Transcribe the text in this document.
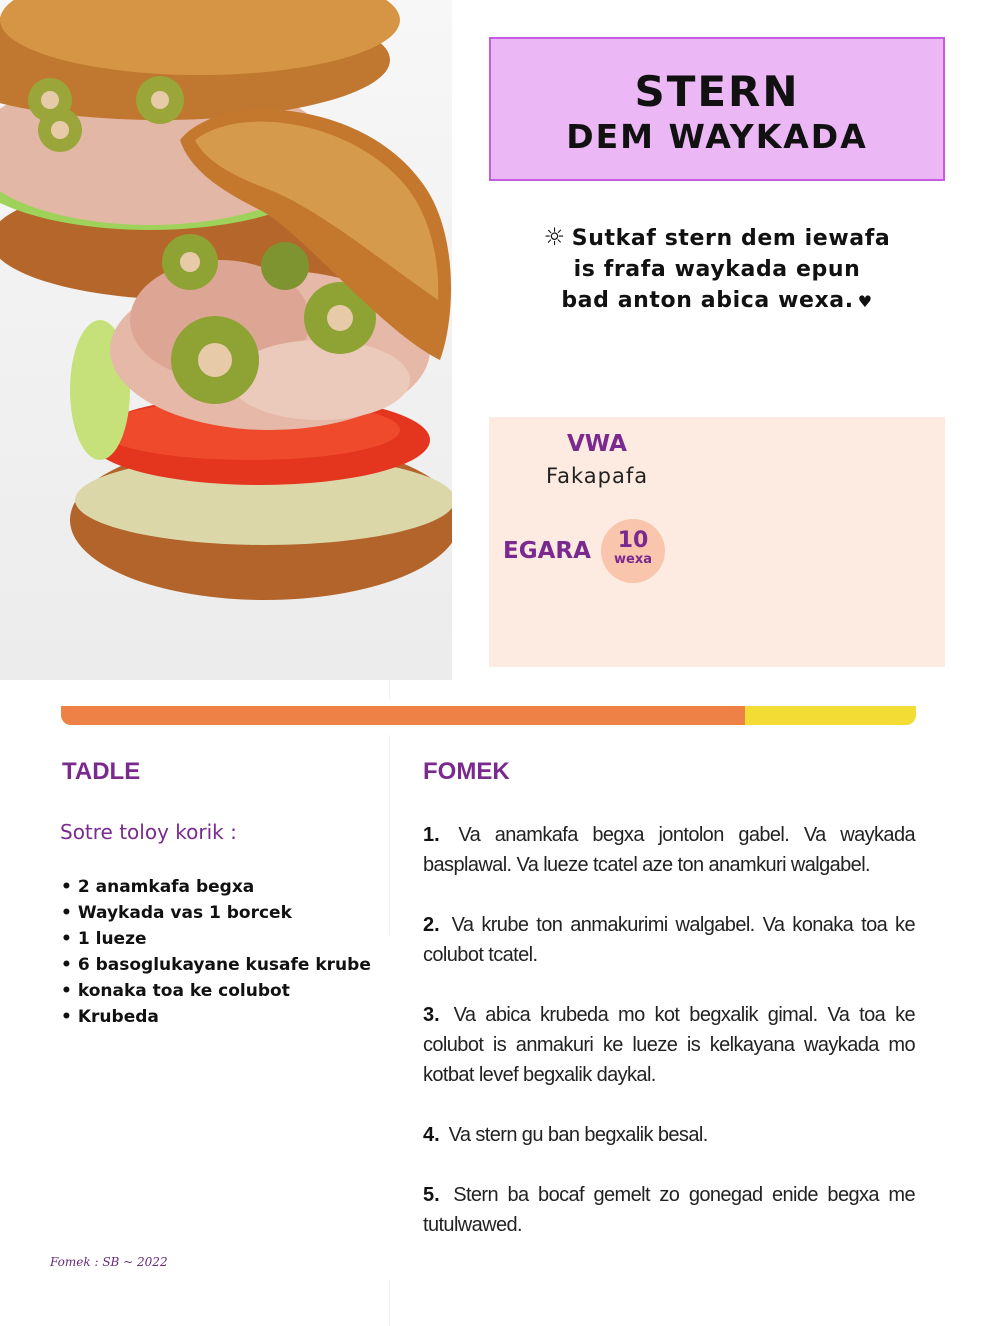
STERN
DEM WAYKADA
☼ Sutkaf stern dem iewafa
is frafa waykada epun
bad anton abica wexa. ♥
VWA
Fakapafa
EGARA	10
wexa
TADLE
Sotre toloy korik :
• 2 anamkafa begxa
• Waykada vas 1 borcek
• 1 lueze
• 6 basoglukayane kusafe krube
• konaka toa ke colubot
• Krubeda
FOMEK

1. Va anamkafa begxa jontolon gabel. Va waykada basplawal. Va lueze tcatel aze ton anamkuri walgabel.

2. Va krube ton anmakurimi walgabel. Va konaka toa ke colubot tcatel.

3. Va abica krubeda mo kot begxalik gimal. Va toa ke colubot is anmakuri ke lueze is kelkayana waykada mo kotbat levef begxalik daykal.

4. Va stern gu ban begxalik besal.

5. Stern ba bocaf gemelt zo gonegad enide begxa me tutulwawed.

Fomek : SB ~ 2022
